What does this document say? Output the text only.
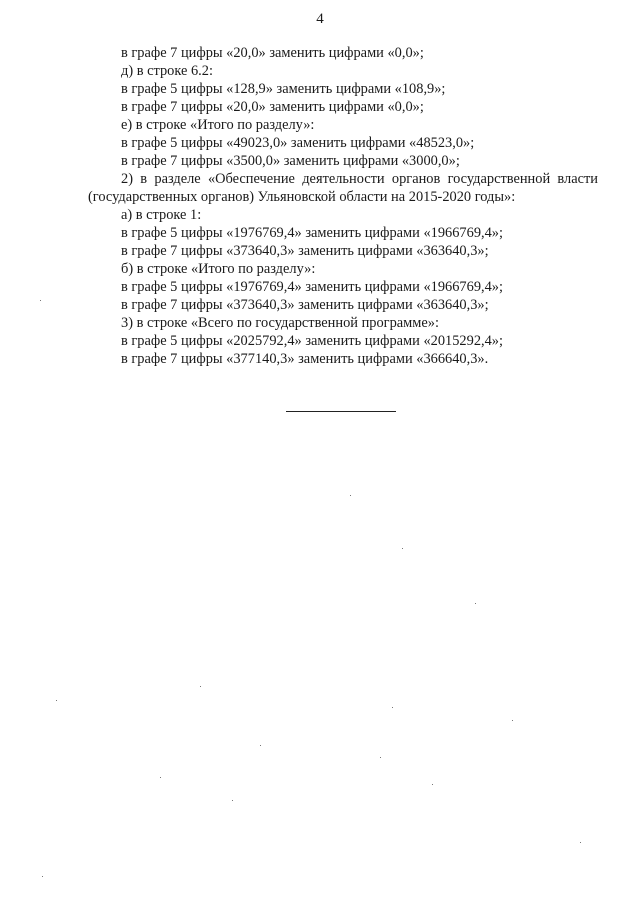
4
в графе 7 цифры «20,0» заменить цифрами «0,0»;
д) в строке 6.2:
в графе 5 цифры «128,9» заменить цифрами «108,9»;
в графе 7 цифры «20,0» заменить цифрами «0,0»;
е) в строке «Итого по разделу»:
в графе 5 цифры «49023,0» заменить цифрами «48523,0»;
в графе 7 цифры «3500,0» заменить цифрами «3000,0»;
2) в разделе «Обеспечение деятельности органов государственной власти (государственных органов) Ульяновской области на 2015-2020 годы»:
а) в строке 1:
в графе 5 цифры «1976769,4» заменить цифрами «1966769,4»;
в графе 7 цифры «373640,3» заменить цифрами «363640,3»;
б) в строке «Итого по разделу»:
в графе 5 цифры «1976769,4» заменить цифрами «1966769,4»;
в графе 7 цифры «373640,3» заменить цифрами «363640,3»;
3) в строке «Всего по государственной программе»:
в графе 5 цифры «2025792,4» заменить цифрами «2015292,4»;
в графе 7 цифры «377140,3» заменить цифрами «366640,3».
